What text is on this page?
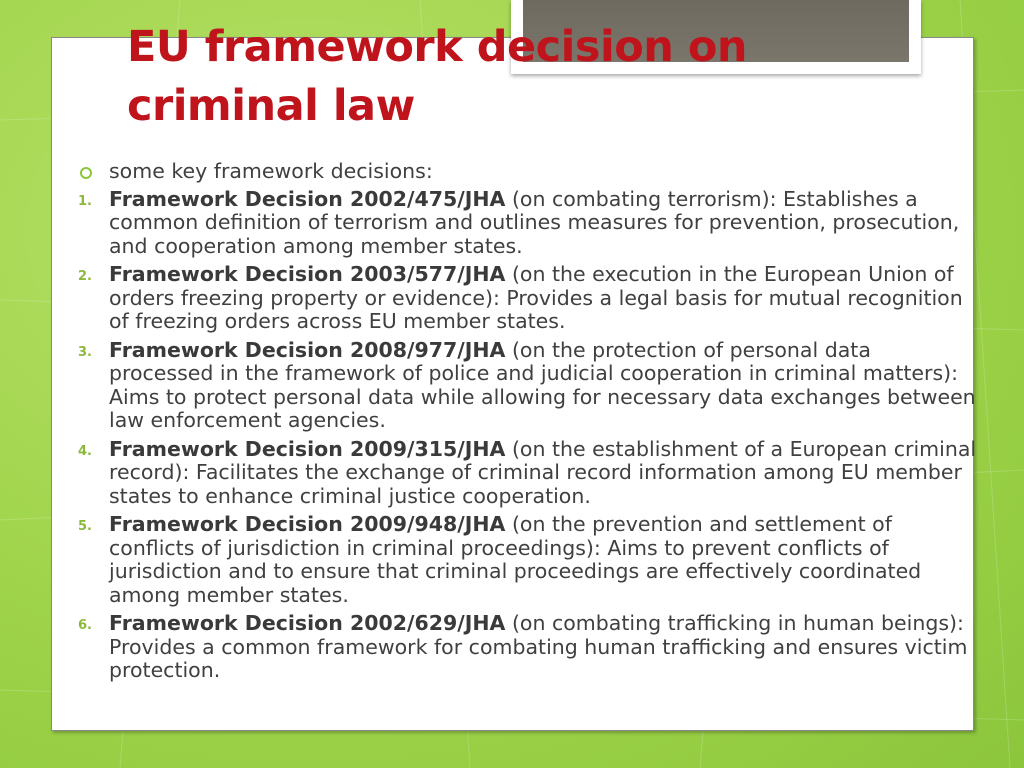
EU framework decision on criminal law
some key framework decisions:
1. Framework Decision 2002/475/JHA (on combating terrorism): Establishes a common definition of terrorism and outlines measures for prevention, prosecution, and cooperation among member states.
2. Framework Decision 2003/577/JHA (on the execution in the European Union of orders freezing property or evidence): Provides a legal basis for mutual recognition of freezing orders across EU member states.
3. Framework Decision 2008/977/JHA (on the protection of personal data processed in the framework of police and judicial cooperation in criminal matters): Aims to protect personal data while allowing for necessary data exchanges between law enforcement agencies.
4. Framework Decision 2009/315/JHA (on the establishment of a European criminal record): Facilitates the exchange of criminal record information among EU member states to enhance criminal justice cooperation.
5. Framework Decision 2009/948/JHA (on the prevention and settlement of conflicts of jurisdiction in criminal proceedings): Aims to prevent conflicts of jurisdiction and to ensure that criminal proceedings are effectively coordinated among member states.
6. Framework Decision 2002/629/JHA (on combating trafficking in human beings): Provides a common framework for combating human trafficking and ensures victim protection.
